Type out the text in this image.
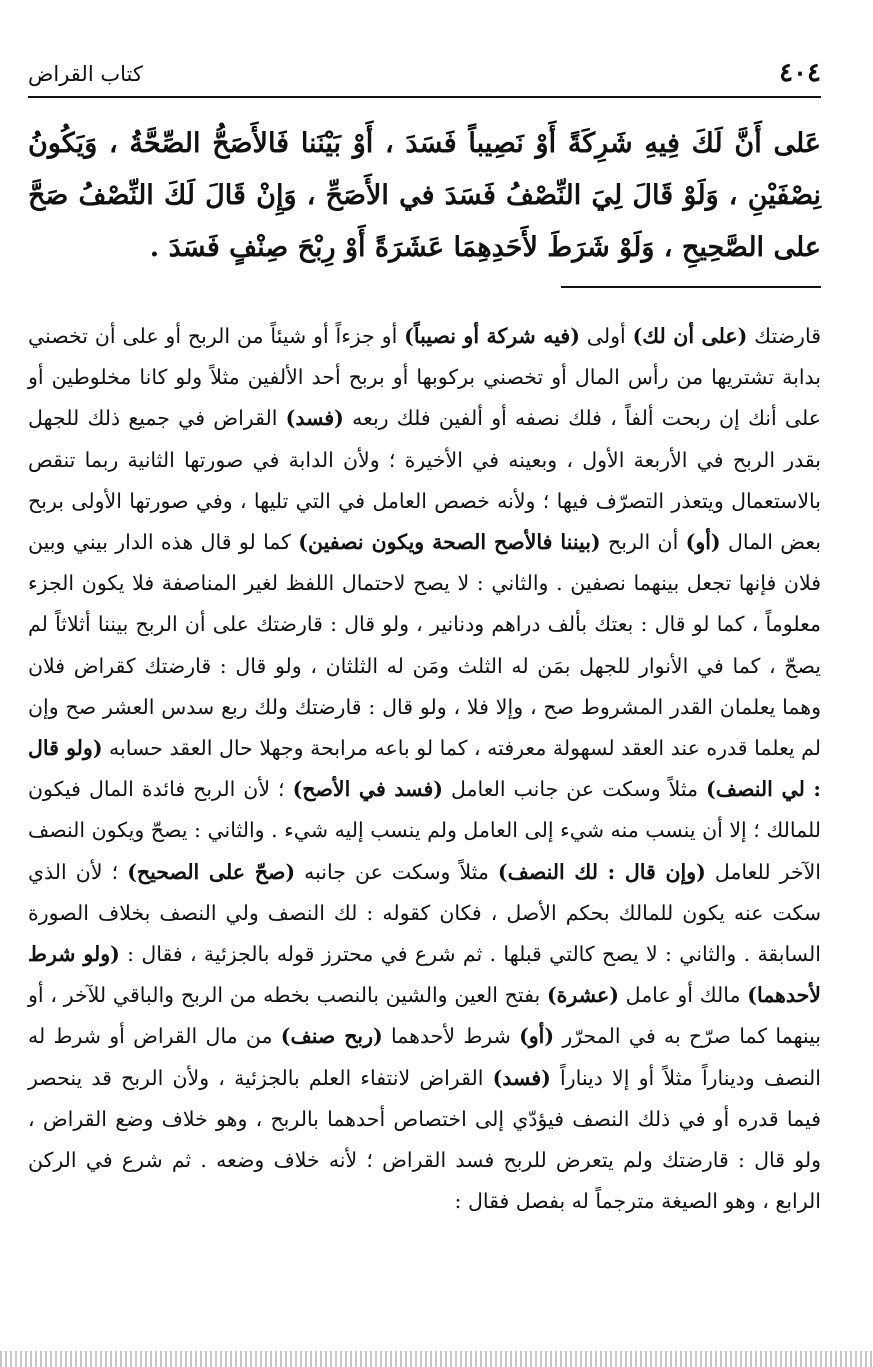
٤٠٤
كتاب القراض
عَلى أَنَّ لَكَ فِيهِ شَرِكَةً أَوْ نَصِيباً فَسَدَ ، أَوْ بَيْنَنا فَالأَصَحُّ الصِّحَّةُ ، وَيَكُونُ نِصْفَيْنِ ، وَلَوْ قَالَ لِيَ النِّصْفُ فَسَدَ في الأَصَحِّ ، وَإِنْ قَالَ لَكَ النِّصْفُ صَحَّ على الصَّحِيحِ ، وَلَوْ شَرَطَ لأَحَدِهِمَا عَشَرَةً أَوْ رِبْحَ صِنْفٍ فَسَدَ .
قارضتك (على أن لك) أولى (فيه شركة أو نصيباً) أو جزءاً أو شيئاً من الربح أو على أن تخصني بدابة تشتريها من رأس المال أو تخصني بركوبها أو بربح أحد الألفين مثلاً ولو كانا مخلوطين أو على أنك إن ربحت ألفاً ، فلك نصفه أو ألفين فلك ربعه (فسد) القراض في جميع ذلك للجهل بقدر الربح في الأربعة الأول ، وبعينه في الأخيرة ؛ ولأن الدابة في صورتها الثانية ربما تنقص بالاستعمال ويتعذر التصرّف فيها ؛ ولأنه خصص العامل في التي تليها ، وفي صورتها الأولى بربح بعض المال (أو) أن الربح (بيننا فالأصح الصحة ويكون نصفين) كما لو قال هذه الدار بيني وبين فلان فإنها تجعل بينهما نصفين . والثاني : لا يصح لاحتمال اللفظ لغير المناصفة فلا يكون الجزء معلوماً ، كما لو قال : بعتك بألف دراهم ودنانير ، ولو قال : قارضتك على أن الربح بيننا أثلاثاً لم يصحّ ، كما في الأنوار للجهل بمَن له الثلث ومَن له الثلثان ، ولو قال : قارضتك كقراض فلان وهما يعلمان القدر المشروط صح ، وإلا فلا ، ولو قال : قارضتك ولك ربع سدس العشر صح وإن لم يعلما قدره عند العقد لسهولة معرفته ، كما لو باعه مرابحة وجهلا حال العقد حسابه (ولو قال : لي النصف) مثلاً وسكت عن جانب العامل (فسد في الأصح) ؛ لأن الربح فائدة المال فيكون للمالك ؛ إلا أن ينسب منه شيء إلى العامل ولم ينسب إليه شيء . والثاني : يصحّ ويكون النصف الآخر للعامل (وإن قال : لك النصف) مثلاً وسكت عن جانبه (صحّ على الصحيح) ؛ لأن الذي سكت عنه يكون للمالك بحكم الأصل ، فكان كقوله : لك النصف ولي النصف بخلاف الصورة السابقة . والثاني : لا يصح كالتي قبلها . ثم شرع في محترز قوله بالجزئية ، فقال : (ولو شرط لأحدهما) مالك أو عامل (عشرة) بفتح العين والشين بالنصب بخطه من الربح والباقي للآخر ، أو بينهما كما صرّح به في المحرّر (أو) شرط لأحدهما (ربح صنف) من مال القراض أو شرط له النصف وديناراً مثلاً أو إلا ديناراً (فسد) القراض لانتفاء العلم بالجزئية ، ولأن الربح قد ينحصر فيما قدره أو في ذلك النصف فيؤدّي إلى اختصاص أحدهما بالربح ، وهو خلاف وضع القراض ، ولو قال : قارضتك ولم يتعرض للربح فسد القراض ؛ لأنه خلاف وضعه . ثم شرع في الركن الرابع ، وهو الصيغة مترجماً له بفصل فقال :
